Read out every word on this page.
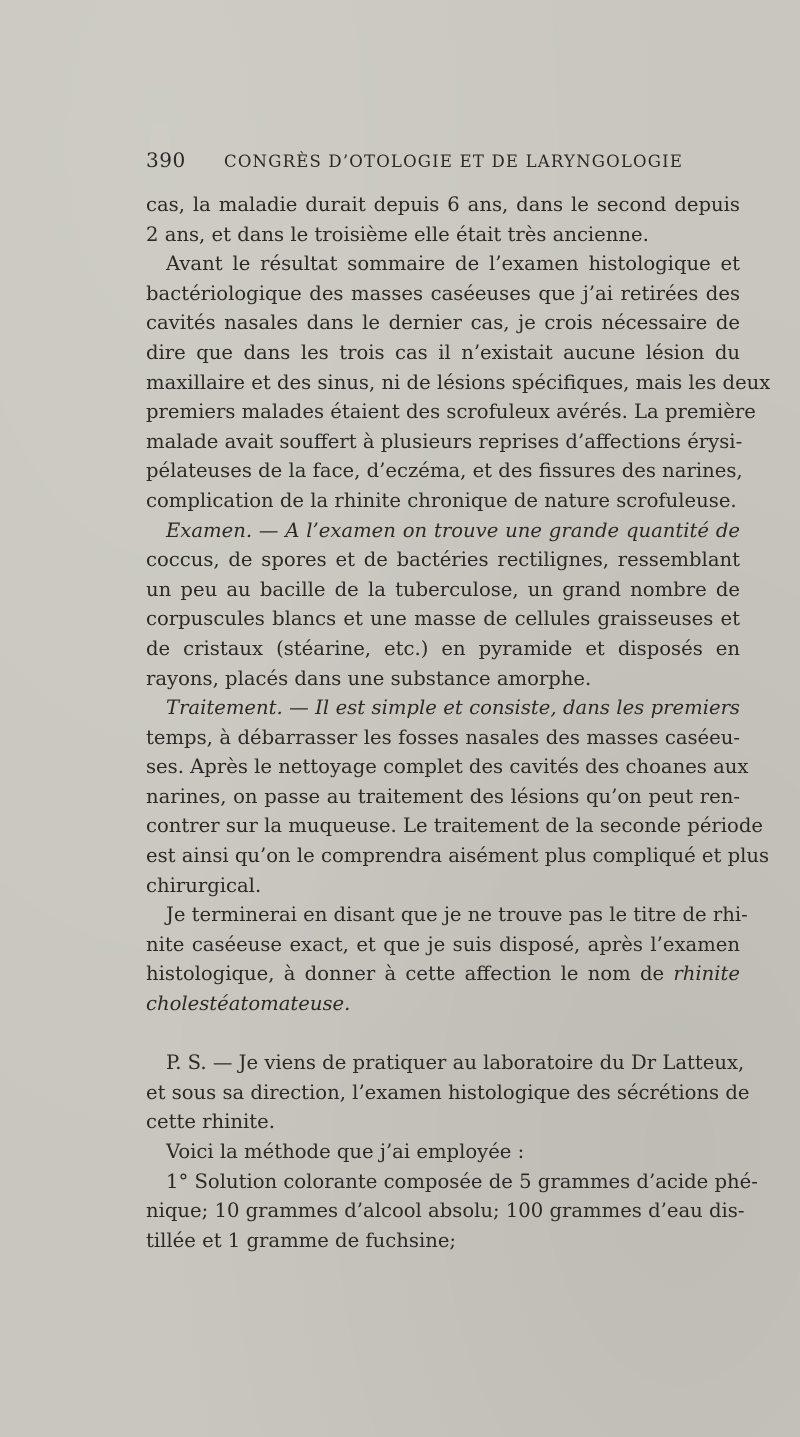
390	CONGRÈS D’OTOLOGIE ET DE LARYNGOLOGIE
cas, la maladie durait depuis 6 ans, dans le second depuis
2 ans, et dans le troisième elle était très ancienne.
Avant le résultat sommaire de l’examen histologique et
bactériologique des masses caséeuses que j’ai retirées des
cavités nasales dans le dernier cas, je crois nécessaire de
dire que dans les trois cas il n’existait aucune lésion du
maxillaire et des sinus, ni de lésions spécifiques, mais les deux
premiers malades étaient des scrofuleux avérés. La première
malade avait souffert à plusieurs reprises d’affections érysi-
pélateuses de la face, d’eczéma, et des fissures des narines,
complication de la rhinite chronique de nature scrofuleuse.
Examen. — A l’examen on trouve une grande quantité de
coccus, de spores et de bactéries rectilignes, ressemblant
un peu au bacille de la tuberculose, un grand nombre de
corpuscules blancs et une masse de cellules graisseuses et
de cristaux (stéarine, etc.) en pyramide et disposés en
rayons, placés dans une substance amorphe.
Traitement. — Il est simple et consiste, dans les premiers
temps, à débarrasser les fosses nasales des masses caséeu-
ses. Après le nettoyage complet des cavités des choanes aux
narines, on passe au traitement des lésions qu’on peut ren-
contrer sur la muqueuse. Le traitement de la seconde période
est ainsi qu’on le comprendra aisément plus compliqué et plus
chirurgical.
Je terminerai en disant que je ne trouve pas le titre de rhi-
nite caséeuse exact, et que je suis disposé, après l’examen
histologique, à donner à cette affection le nom de rhinite
cholestéatomateuse.
P. S. — Je viens de pratiquer au laboratoire du Dr Latteux,
et sous sa direction, l’examen histologique des sécrétions de
cette rhinite.
Voici la méthode que j’ai employée :
1° Solution colorante composée de 5 grammes d’acide phé-
nique; 10 grammes d’alcool absolu; 100 grammes d’eau dis-
tillée et 1 gramme de fuchsine;
